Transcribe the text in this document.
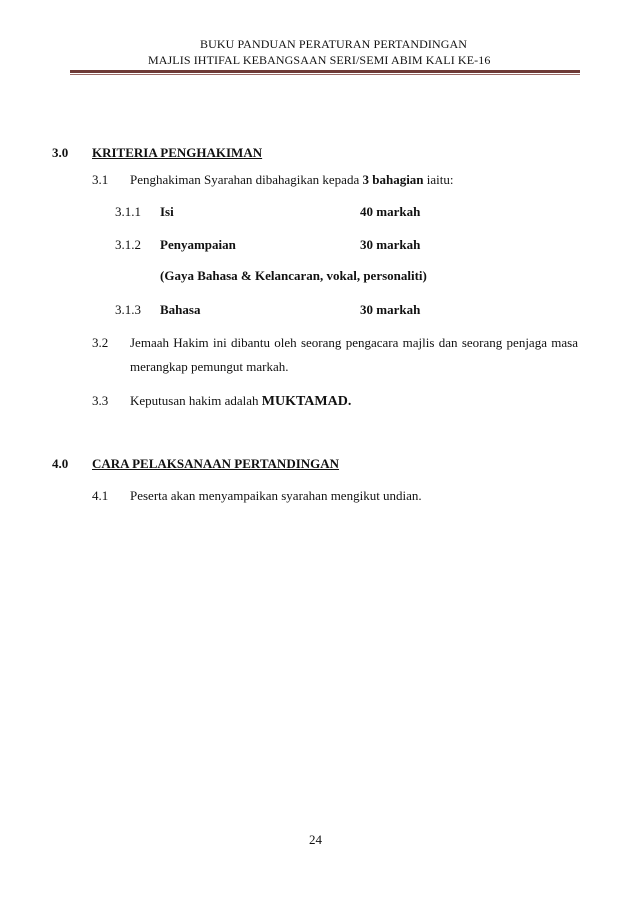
BUKU PANDUAN PERATURAN PERTANDINGAN
MAJLIS IHTIFAL KEBANGSAAN SERI/SEMI ABIM KALI KE-16
3.0 KRITERIA PENGHAKIMAN
3.1 Penghakiman Syarahan dibahagikan kepada 3 bahagian iaitu:
3.1.1 Isi	40 markah
3.1.2 Penyampaian	30 markah
(Gaya Bahasa & Kelancaran, vokal, personaliti)
3.1.3 Bahasa	30 markah
3.2 Jemaah Hakim ini dibantu oleh seorang pengacara majlis dan seorang penjaga masa
merangkap pemungut markah.
3.3 Keputusan hakim adalah MUKTAMAD.
4.0 CARA PELAKSANAAN PERTANDINGAN
4.1 Peserta akan menyampaikan syarahan mengikut undian.
24
